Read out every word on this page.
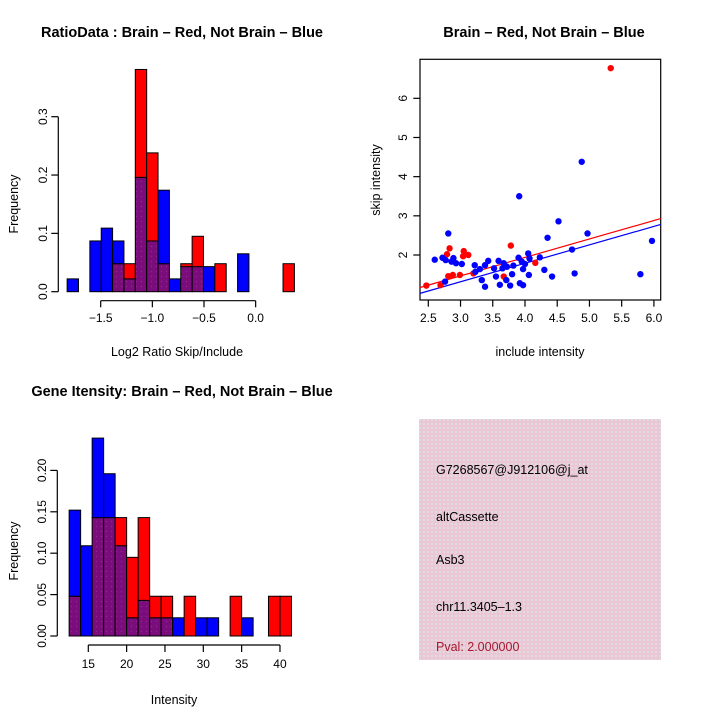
−1.5 −1.0 −0.5	0.0
0.0
0.1
0.2
0.3
Log2 Ratio Skip/Include
Frequency
RatioData : Brain – Red, Not Brain – Blue
2.5 3.0 3.5 4.0 4.5 5.0 5.5 6.0
2
3
4
5
6
include intensity
skip intensity
Brain – Red, Not Brain – Blue
15 20 25 30 35 40
0.00
0.05
0.10
0.15
0.20
Intensity
Frequency
Gene Itensity: Brain – Red, Not Brain – Blue
G7268567@J912106@j_at
altCassette
Asb3
chr11.3405–1.3
Pval: 2.000000
